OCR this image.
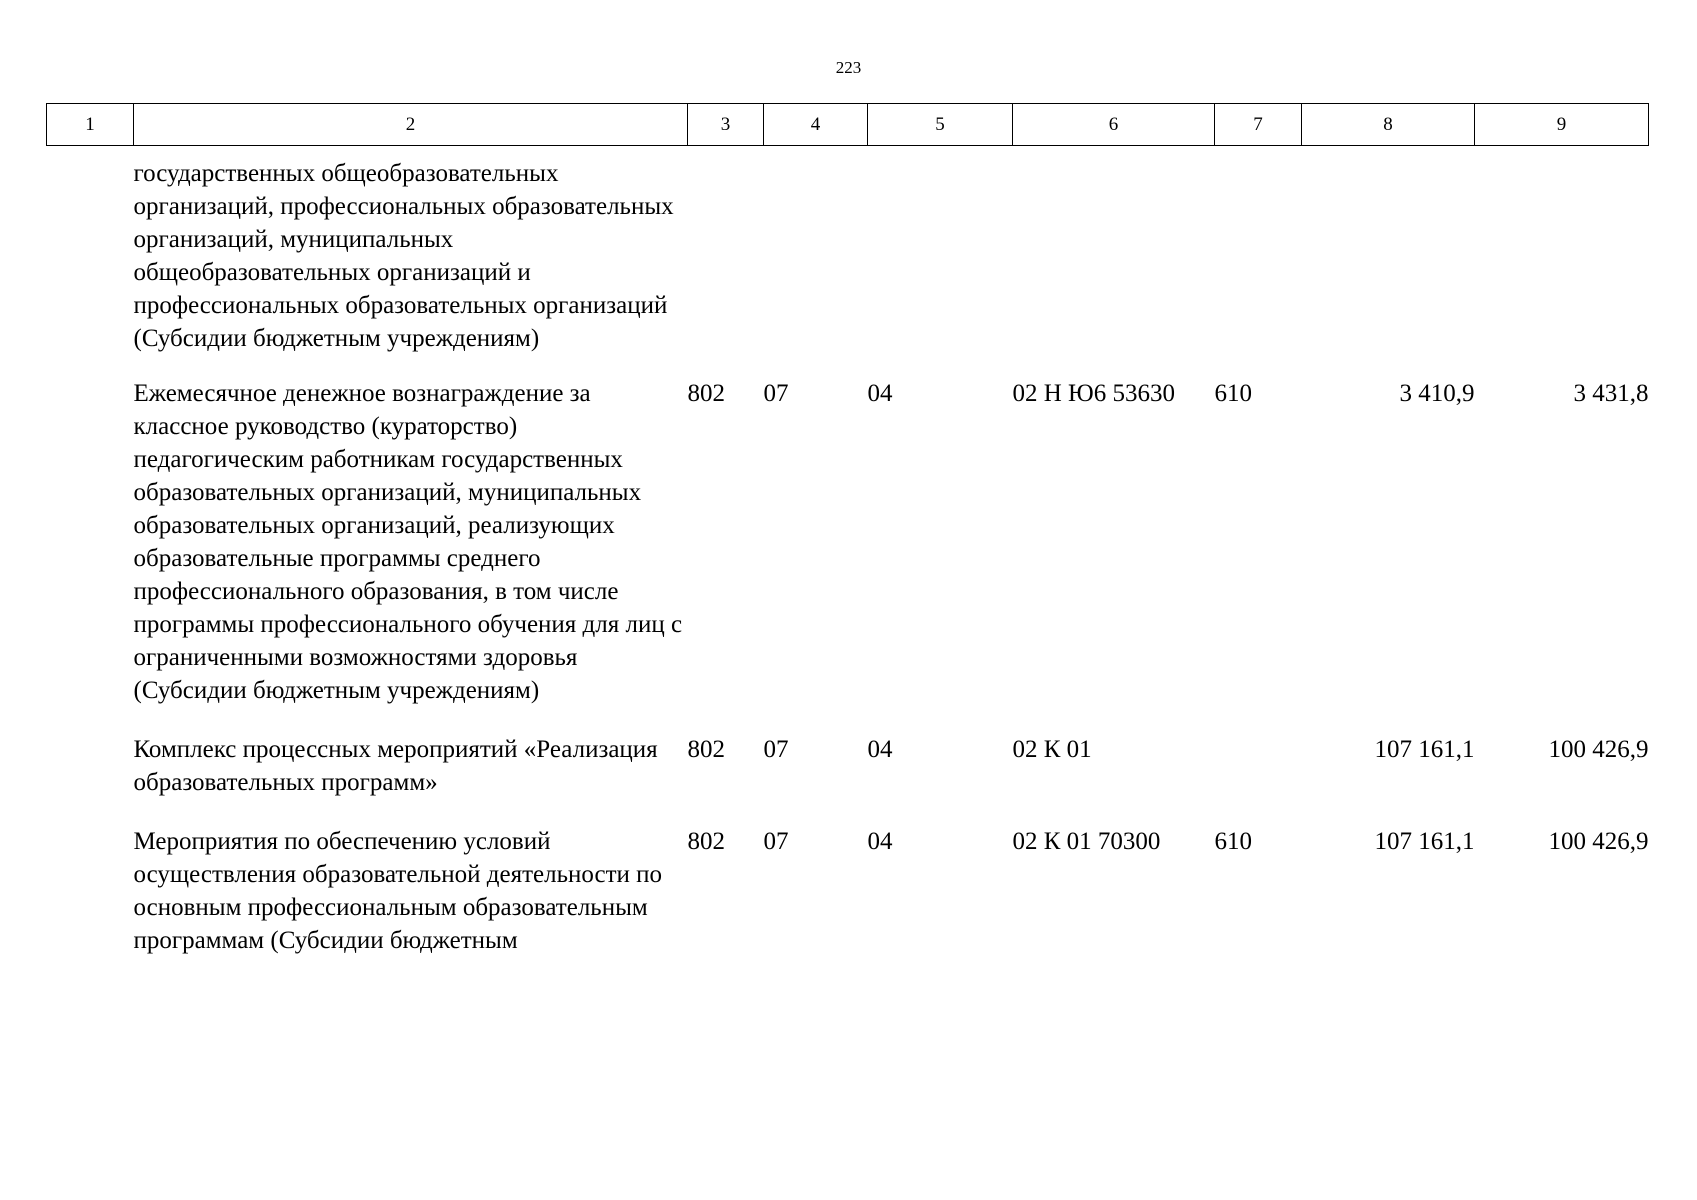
223
1	2	3	4	5	6	7	8	9
	государственных общеобразовательных организаций, профессиональных образовательных организаций, муниципальных общеобразовательных организаций и профессиональных образовательных организаций (Субсидии бюджетным учреждениям)							
	Ежемесячное денежное вознаграждение за классное руководство (кураторство) педагогическим работникам государственных образовательных организаций, муниципальных образовательных организаций, реализующих образовательные программы среднего профессионального образования, в том числе программы профессионального обучения для лиц с ограниченными возможностями здоровья (Субсидии бюджетным учреждениям)	802	07	04	02 Н Ю6 53630	610	3 410,9	3 431,8
	Комплекс процессных мероприятий «Реализация образовательных программ»	802	07	04	02 К 01		107 161,1	100 426,9
	Мероприятия по обеспечению условий осуществления образовательной деятельности по основным профессиональным образовательным программам (Субсидии бюджетным	802	07	04	02 К 01 70300	610	107 161,1	100 426,9
